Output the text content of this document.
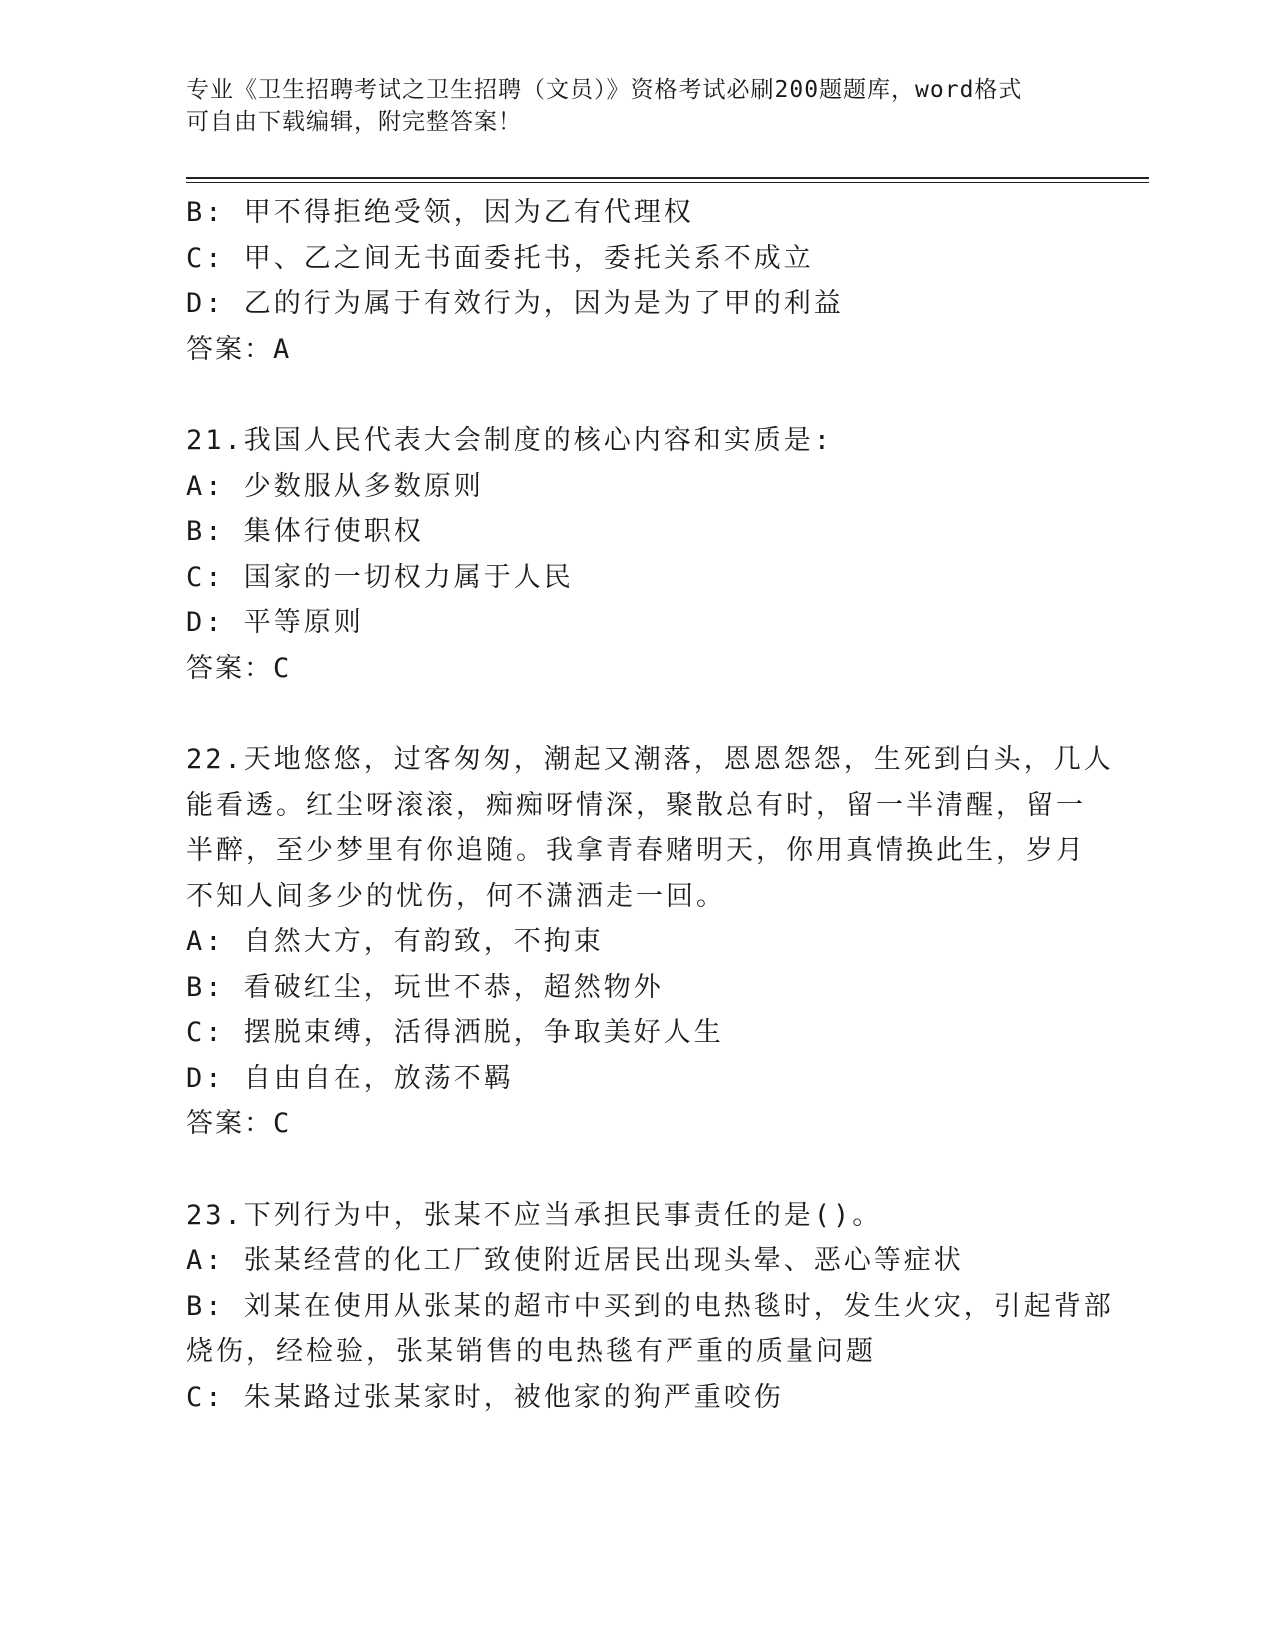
专业《卫生招聘考试之卫生招聘（文员）》资格考试必刷200题题库，word格式
可自由下载编辑，附完整答案！
B: 甲不得拒绝受领，因为乙有代理权
C: 甲、乙之间无书面委托书，委托关系不成立
D: 乙的行为属于有效行为，因为是为了甲的利益
答案：A
21.我国人民代表大会制度的核心内容和实质是:
A: 少数服从多数原则
B: 集体行使职权
C: 国家的一切权力属于人民
D: 平等原则
答案：C
22.天地悠悠，过客匆匆，潮起又潮落，恩恩怨怨，生死到白头，几人
能看透。红尘呀滚滚，痴痴呀情深，聚散总有时，留一半清醒，留一
半醉，至少梦里有你追随。我拿青春赌明天，你用真情换此生，岁月
不知人间多少的忧伤，何不潇洒走一回。
A: 自然大方，有韵致，不拘束
B: 看破红尘，玩世不恭，超然物外
C: 摆脱束缚，活得洒脱，争取美好人生
D: 自由自在，放荡不羁
答案：C
23.下列行为中，张某不应当承担民事责任的是()。
A: 张某经营的化工厂致使附近居民出现头晕、恶心等症状
B: 刘某在使用从张某的超市中买到的电热毯时，发生火灾，引起背部
烧伤，经检验，张某销售的电热毯有严重的质量问题
C: 朱某路过张某家时，被他家的狗严重咬伤
